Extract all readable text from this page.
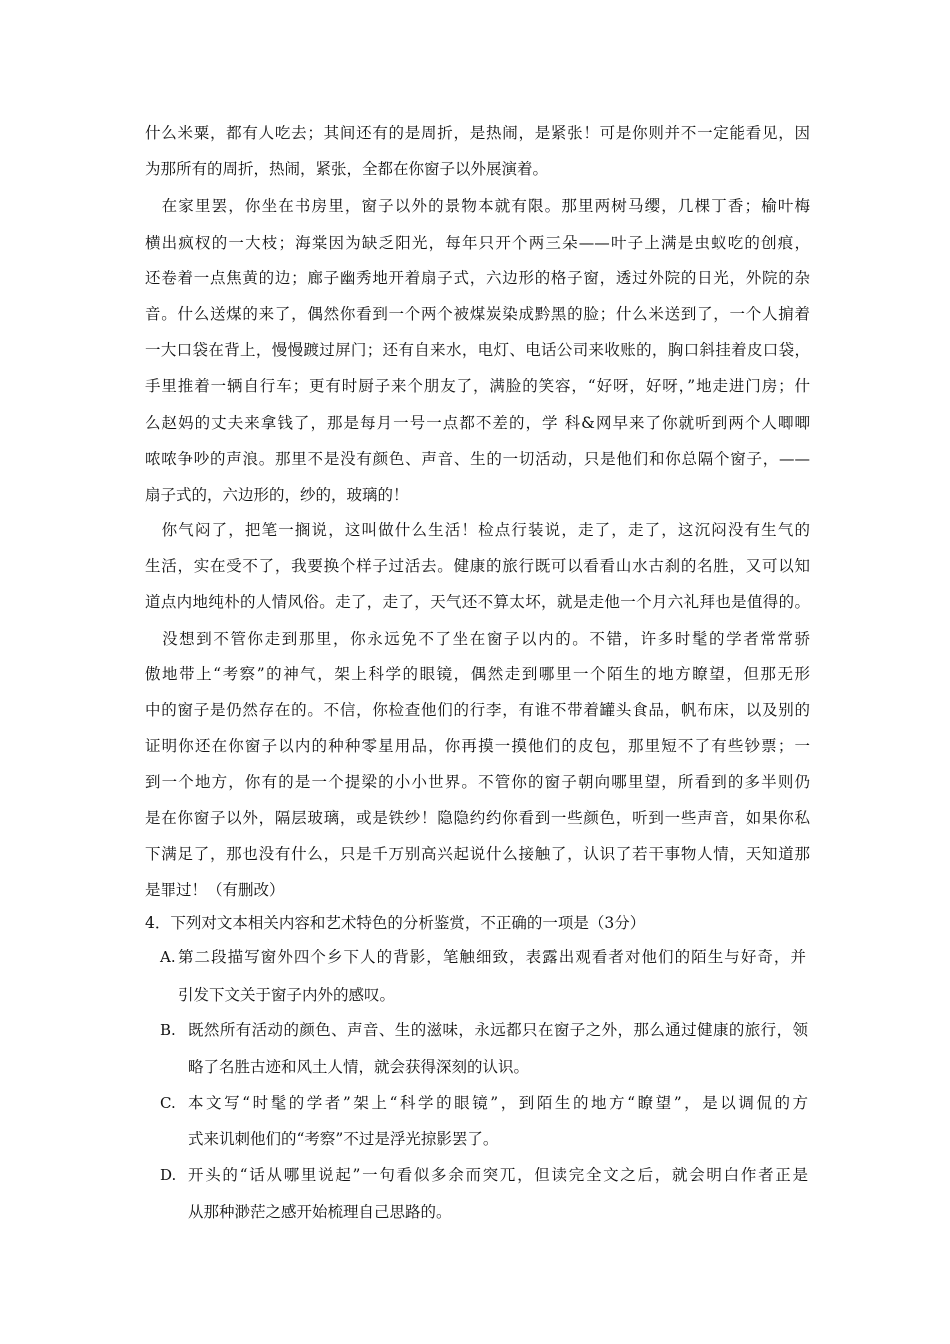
什么米粟，都有人吃去；其间还有的是周折，是热闹，是紧张！可是你则并不一定能看见，因
为那所有的周折，热闹，紧张，全都在你窗子以外展演着。
　在家里罢，你坐在书房里，窗子以外的景物本就有限。那里两树马缨，几棵丁香；榆叶梅
横出疯杈的一大枝；海棠因为缺乏阳光，每年只开个两三朵——叶子上满是虫蚁吃的创痕，
还卷着一点焦黄的边；廊子幽秀地开着扇子式，六边形的格子窗，透过外院的日光，外院的杂
音。什么送煤的来了，偶然你看到一个两个被煤炭染成黔黑的脸；什么米送到了，一个人掮着
一大口袋在背上，慢慢踱过屏门；还有自来水，电灯、电话公司来收账的，胸口斜挂着皮口袋，
手里推着一辆自行车；更有时厨子来个朋友了，满脸的笑容，“好呀，好呀，”地走进门房；什
么赵妈的丈夫来拿钱了，那是每月一号一点都不差的，学 科&网早来了你就听到两个人唧唧
哝哝争吵的声浪。那里不是没有颜色、声音、生的一切活动，只是他们和你总隔个窗子，——
扇子式的，六边形的，纱的，玻璃的！
　你气闷了，把笔一搁说，这叫做什么生活！检点行装说，走了，走了，这沉闷没有生气的
生活，实在受不了，我要换个样子过活去。健康的旅行既可以看看山水古刹的名胜，又可以知
道点内地纯朴的人情风俗。走了，走了，天气还不算太坏，就是走他一个月六礼拜也是值得的。
　没想到不管你走到那里，你永远免不了坐在窗子以内的。不错，许多时髦的学者常常骄
傲地带上“考察”的神气，架上科学的眼镜，偶然走到哪里一个陌生的地方瞭望，但那无形
中的窗子是仍然存在的。不信，你检查他们的行李，有谁不带着罐头食品，帆布床，以及别的
证明你还在你窗子以内的种种零星用品，你再摸一摸他们的皮包，那里短不了有些钞票；一
到一个地方，你有的是一个提梁的小小世界。不管你的窗子朝向哪里望，所看到的多半则仍
是在你窗子以外，隔层玻璃，或是铁纱！隐隐约约你看到一些颜色，听到一些声音，如果你私
下满足了，那也没有什么，只是千万别高兴起说什么接触了，认识了若干事物人情，天知道那
是罪过！（有删改）
4．下列对文本相关内容和艺术特色的分析鉴赏，不正确的一项是（3分）
A. 第二段描写窗外四个乡下人的背影，笔触细致，表露出观看者对他们的陌生与好奇，并
引发下文关于窗子内外的感叹。
B. 既然所有活动的颜色、声音、生的滋味，永远都只在窗子之外，那么通过健康的旅行，领
略了名胜古迹和风土人情，就会获得深刻的认识。
C. 本文写“时髦的学者”架上“科学的眼镜”，到陌生的地方“瞭望”，是以调侃的方
式来讥刺他们的“考察”不过是浮光掠影罢了。
D. 开头的“话从哪里说起”一句看似多余而突兀，但读完全文之后，就会明白作者正是
从那种渺茫之感开始梳理自己思路的。
